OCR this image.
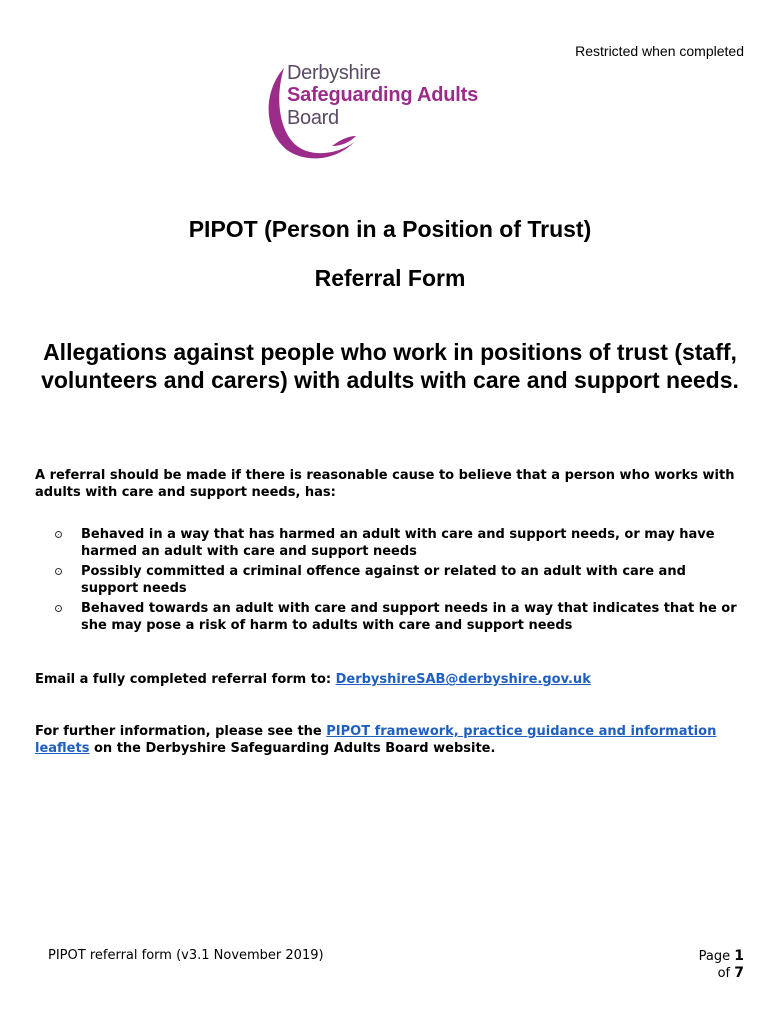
Restricted when completed
Derbyshire
Safeguarding Adults
Board
PIPOT (Person in a Position of Trust)
Referral Form
Allegations against people who work in positions of trust (staff, volunteers and carers) with adults with care and support needs.
A referral should be made if there is reasonable cause to believe that a person who works with adults with care and support needs, has:
Behaved in a way that has harmed an adult with care and support needs, or may have harmed an adult with care and support needs
Possibly committed a criminal offence against or related to an adult with care and support needs
Behaved towards an adult with care and support needs in a way that indicates that he or she may pose a risk of harm to adults with care and support needs
Email a fully completed referral form to: DerbyshireSAB@derbyshire.gov.uk
For further information, please see the PIPOT framework, practice guidance and information leaflets on the Derbyshire Safeguarding Adults Board website.
PIPOT referral form (v3.1 November 2019)	Page 1
of 7
